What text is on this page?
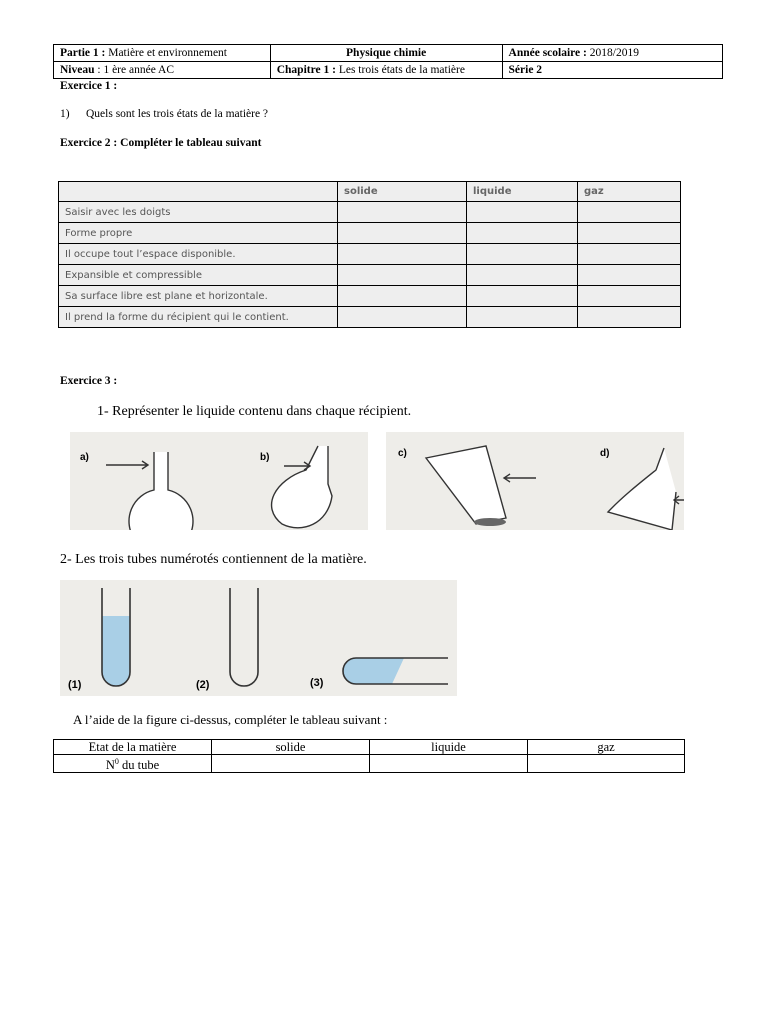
Partie 1 : Matière et environnement	Physique chimie	Année scolaire : 2018/2019
Niveau : 1 ère année AC	Chapitre 1 : Les trois états de la matière	Série 2
Exercice 1 :
1) Quels sont les trois états de la matière ?
Exercice 2 : Compléter le tableau suivant
	solide	liquide	gaz
Saisir avec les doigts			
Forme propre			
Il occupe tout l’espace disponible.			
Expansible et compressible			
Sa surface libre est plane et horizontale.			
Il prend la forme du récipient qui le contient.			
Exercice 3 :
1- Représenter le liquide contenu dans chaque récipient.
a)	b)	c)	d)
2- Les trois tubes numérotés contiennent de la matière.
(1)	(2)	(3)
A l’aide de la figure ci-dessus, compléter le tableau suivant :
Etat de la matière	solide	liquide	gaz
$N^0$ du tube			
